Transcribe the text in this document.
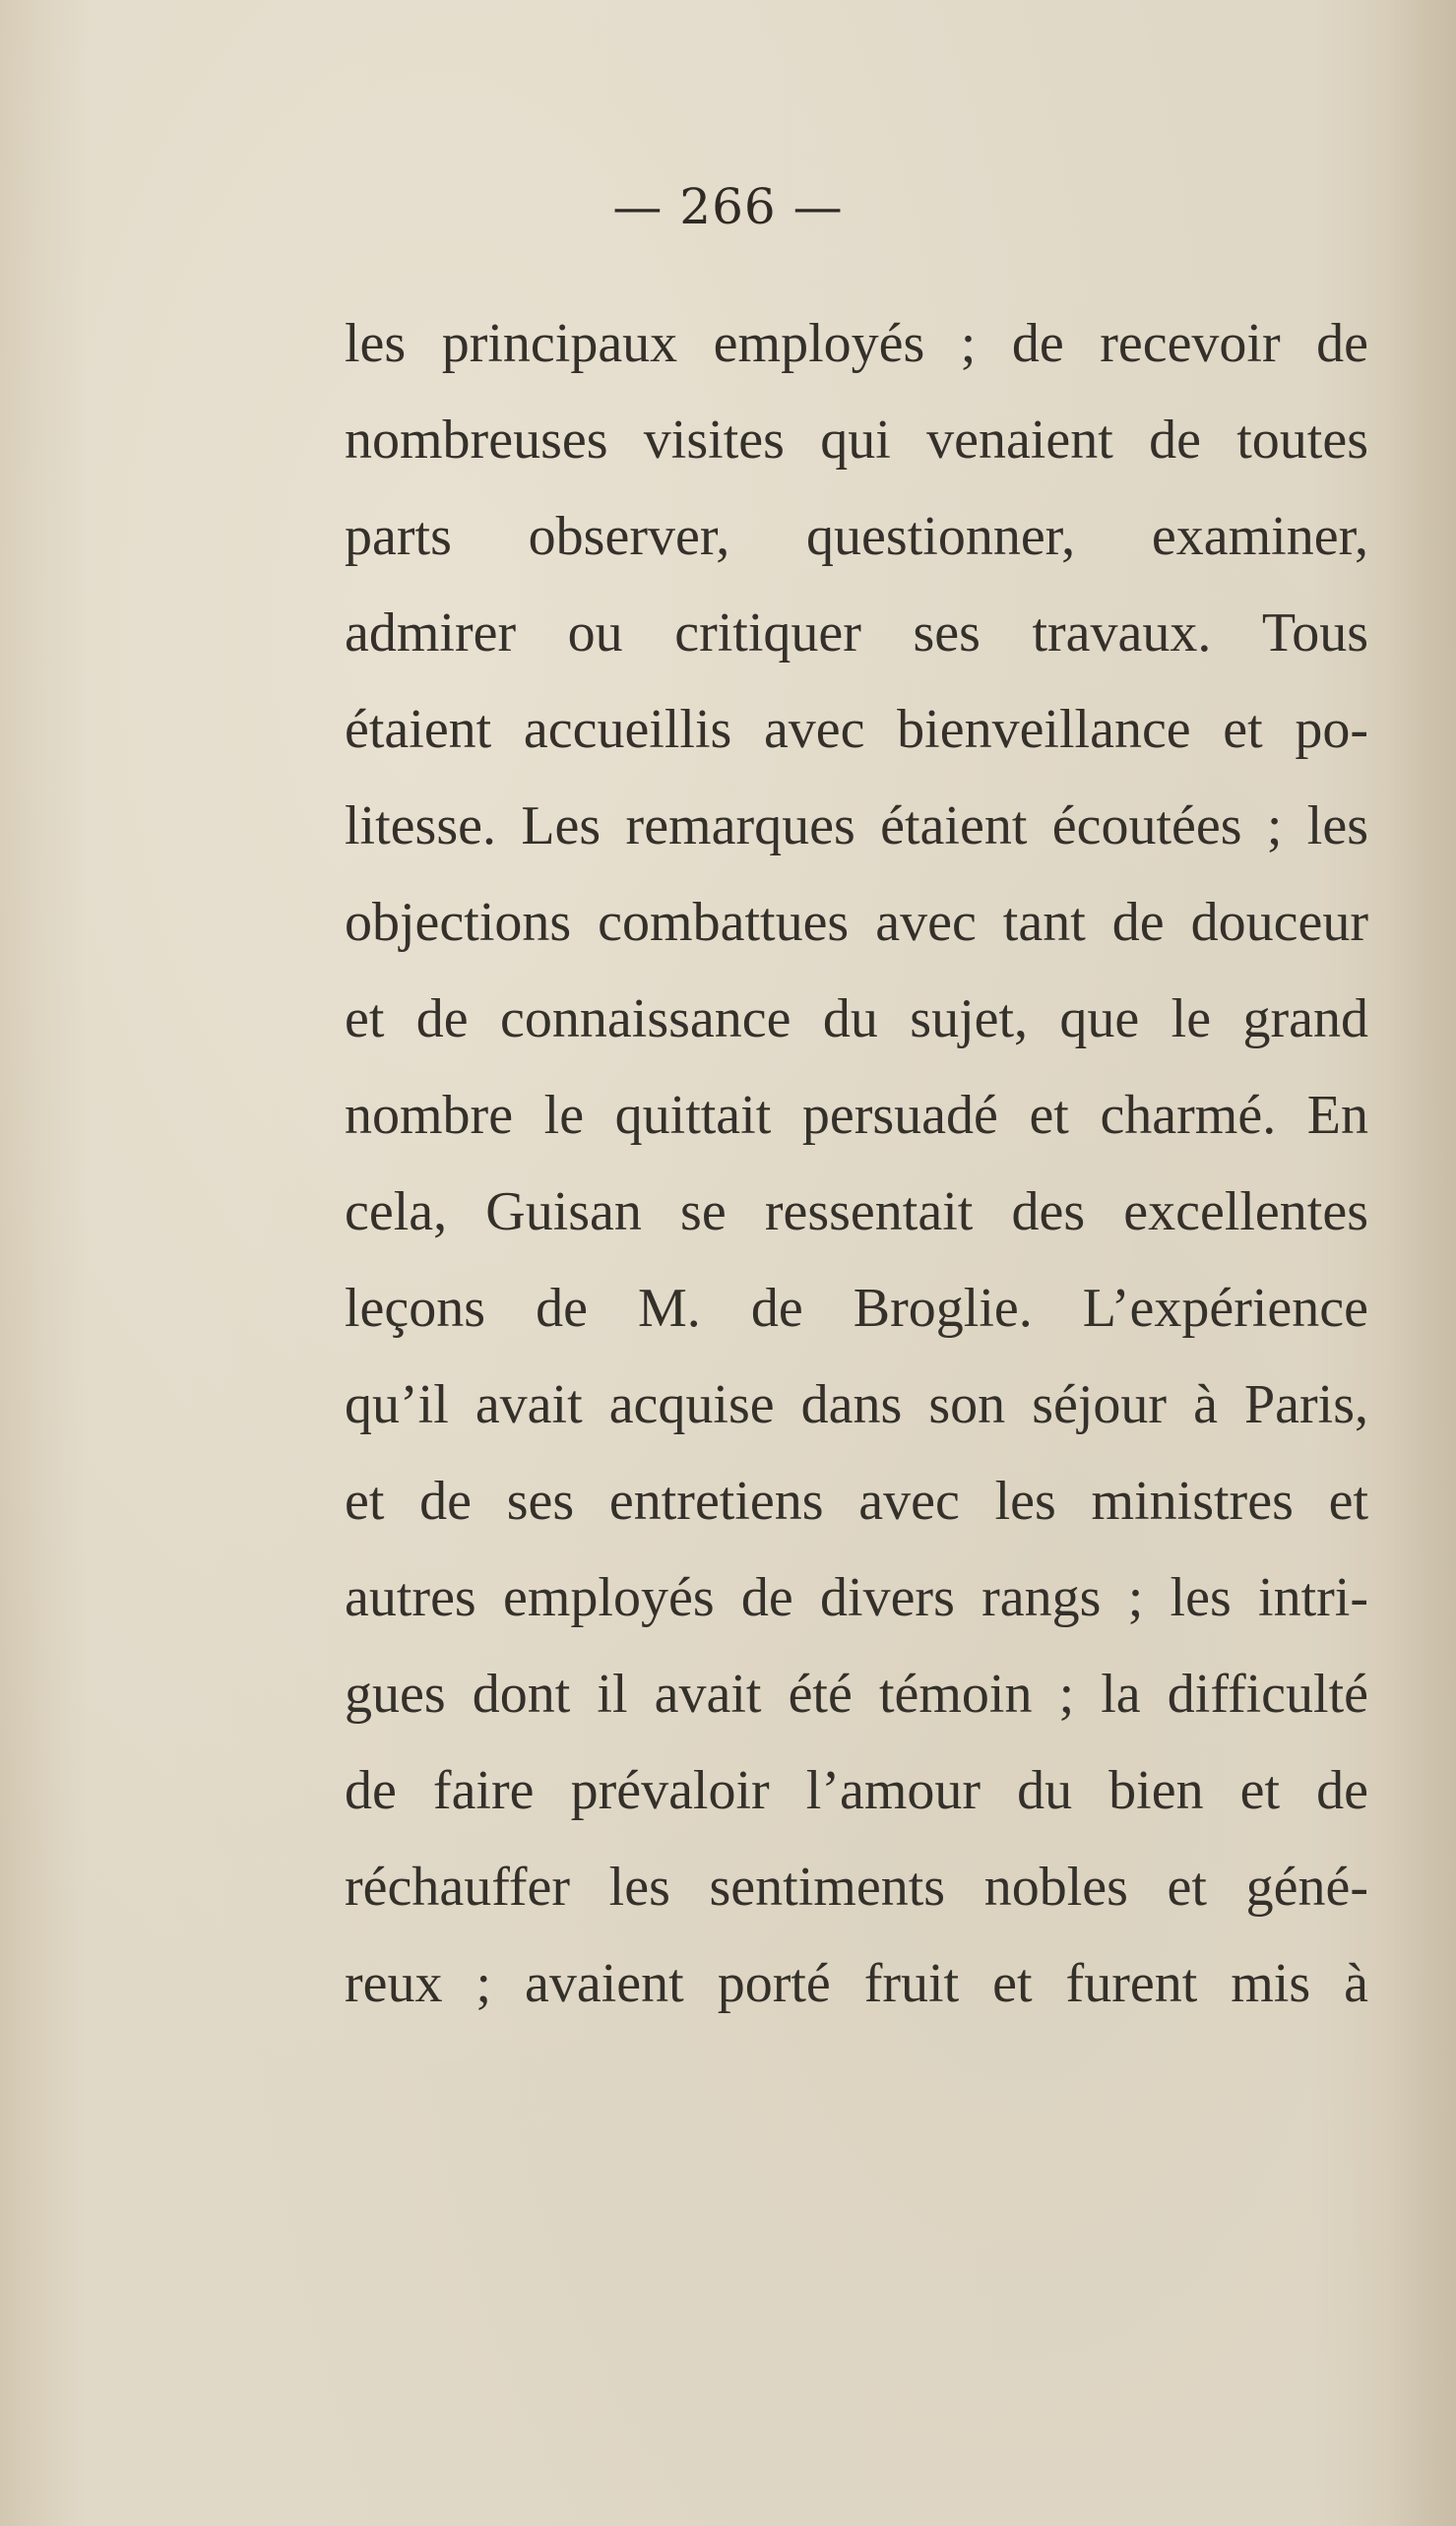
— 266 —
les principaux employés ; de recevoir de
nombreuses visites qui venaient de toutes
parts observer, questionner, examiner,
admirer ou critiquer ses travaux. Tous
étaient accueillis avec bienveillance et po-
litesse. Les remarques étaient écoutées ; les
objections combattues avec tant de douceur
et de connaissance du sujet, que le grand
nombre le quittait persuadé et charmé. En
cela, Guisan se ressentait des excellentes
leçons de M. de Broglie. L’expérience
qu’il avait acquise dans son séjour à Paris,
et de ses entretiens avec les ministres et
autres employés de divers rangs ; les intri-
gues dont il avait été témoin ; la difficulté
de faire prévaloir l’amour du bien et de
réchauffer les sentiments nobles et géné-
reux ; avaient porté fruit et furent mis à
